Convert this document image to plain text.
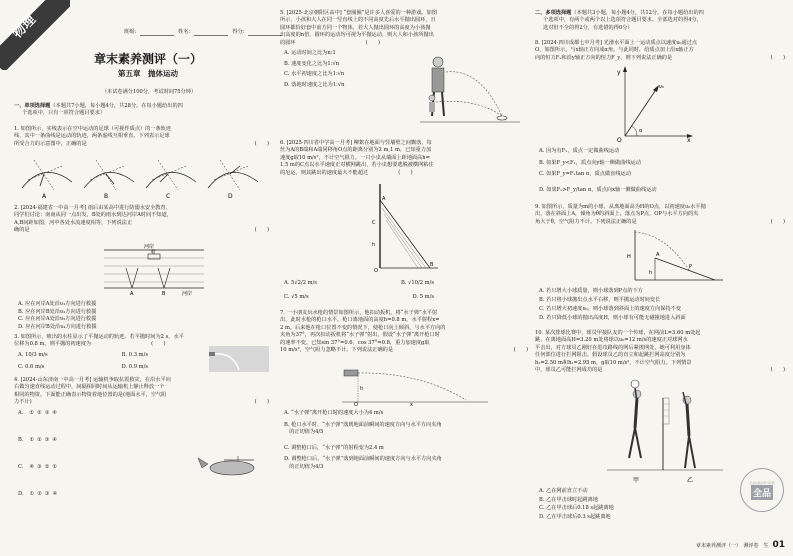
物理	班级:	姓名:	得分:
章末素养测评（一）
第五章　抛体运动
（本试卷满分100分，考试时间75分钟）
一、单项选择题（本题共7小题，每小题4分，共28分。在每小题给出的四
个选项中，只有一项符合题目要求）
1. 如图所示，实线表示在空中运动的足球（可视作质点）的一条轨迹
线，其中一条曲线是运动的轨迹，两条虚线互相垂直。下列表示足球
所受合力的示意图中，正确的是	(　　)
A	B	C	D
2. [2024·福建省一中高一月考] 雨后由某高中进行防溺水安全教育，
同学们讨论：南南从同一点出发，B处的雨水到达河岸A时间不知道，
A,B间距如图，河中各处水流速度相等，下列说法正
确的是	(　　)
河岸
船
A	B	河岸
A. 应在河岸A处沿υ₁方向进行救援
B. 应在河岸B处沿υ₂方向进行救援
C. 应在河岸A处沿υ₃方向进行救援
D. 应在河岸B处沿υ₄方向进行救援
3. 如图所示，喷出的水柱显示了平抛运动的轨迹。若平抛时间为2 s，水平
位移为0.8 m，则平抛的初速度为	(　　)
A. 10/3 m/s	B. 0.3 m/s
C. 0.6 m/s	D. 0.9 m/s
4. [2024·山东济南一中高一月考] 运输机争取抗震救灾，在沿水平向
右做匀速直线运动过程中，间隔相同时间从运输机上静止释放一个
相同的物资。下面能正确表示物资着地位置的是(地面水平，空气阻
力不计)	(　　)
A. ①②③④
B. ①②③④
C. ④③②①
D. ①②③④
5. [2025·北京朝阳区高中] “套圈圈”是许多人喜爱的一种游戏。如图
所示，小孩和大人在同一竖直线上的不同高度先后水平抛出圆环，且
圆环都恰好套中前方同一个物体，若大人抛出圆环的高度为小孩抛
出高度的n倍，圆环的运动均可视为平抛运动，则大人和小孩所抛出
的圆环	(　　)
A. 运动时间之比为n:1
B. 速度变化之比为1:√n
C. 水平初速度之比为1:√n
D. 落地时速度之比为1:√n
6. [2025·四川省中学高一月考] 柳絮在地面与竖墙壁之间飘落，每
丝为A的B端和A端同移角O点的距离分别为2 m,1 m，已知重力加
速度g取10 m/s²，不计空气阻力。一只小虫从墙面上距地面高h=
1.5 m的C点以水平速度正对横网跳出，若小虫想要逃脱被横网粘住
的厄运，则其跳出的速度最大不能超过	(　　)
A
C
h
O
B
A. 5√2/2 m/s	B. √10/2 m/s
C. √5 m/s	D. 5 m/s
7. 一小朋友玩水枪的情景如图所示，他扣动扳机，将“水子弹”水平射
出，此时水枪的枪口水平，枪口离地面的高度h=0.8 m，水平射程x=
2 m。后来他在枪口位置不变的情况下，使枪口向上倾斜，与水平方向的
夹角为37°，再次扣动扳机将“水子弹”射出，假设“水子弹”离开枪口时
的速率不变。已知sin 37°=0.6，cos 37°=0.8，重力加速度g取
10 m/s²，空气阻力忽略不计。下列说法正确的是	(　　)
h
O	x
A. “水子弹”离开枪口时的速度大小为4 m/s
B. 枪口水平时，“水子弹”落到地面前瞬间的速度方向与水平方向夹角
　的正切值为4/5
C. 调整枪口后，“水子弹”的射程变为2.4 m
D. 调整枪口后，“水子弹”落到地面前瞬间的速度方向与水平方向夹角
　的正切值为4/3
二、多项选择题（本题共3小题，每小题4分，共12分。在每小题给出的四
个选项中，有两个或两个以上选项符合题目要求。全部选对的得4分，
选对但不全的得2分，有选错的得0分）
8. [2024·四川成都七中月考] 光滑水平面上一运动质点以速度υ₀通过点
O，如图所示，与x轴正方向成α角，与此同时，给质点加上沿x轴正方
向的恒力Fₓ和沿y轴正方向的恒力F_y，则下列说法正确的是	(　　)
y
x
O
υ₀
α
A. 因为有Fₓ，质点一定做曲线运动
B. 如果F_y<Fₓ，质点向y轴一侧做曲线运动
C. 如果F_y=Fₓtan α，质点做直线运动
D. 如果Fₓ>F_y/tan α，质点向x轴一侧做曲线运动
9. 如图所示，质量为m的小球，从离地面高为H的O点，以初速度υ₀水平抛
出，落在斜面上A，倾角为θ的斜面上，落点为P点，OP与水平方向的夹
角大于θ，空气阻力不计。下列说法正确的是	(　　)
H
h
A
P
A. 若只增大小球质量，则小球落到P点的下方
B. 若只将小球抛出点水平右移，则平抛运动时间变长
C. 若只增大初速度υ₀，则小球落到斜面上的速度方向保持不变
D. 若只降低小球的抛出高度H，则小球有可能无碰撞地进入斜面
10. 某次排球比赛中，球员甲接队友的一个传球，在网前L=3.60 m处起
跳，在离地面高H=3.20 m处将球以υ₀=12 m/s的速度正对球网水
平击出，对方球员乙刚好在进攻路线的网后紧挨网处，她可利用身体
任何部位进行拦网阻击。假设球员乙的直立和起跳拦网高度分别为
h₁=2.50 m和h₂=2.95 m，g取10 m/s²，不计空气阻力。下列情景
中，球员乙可能拦网成功的是	(　　)
甲	乙
A. 乙在网前直立不动
B. 乙在甲击球时起跳离地
C. 乙在甲击球后0.18 s起跳离地
D. 乙在甲击球后0.3 s起跳离地
全品初高中学习资源
全品
章末素养测评（一）　测评卷　生 01
